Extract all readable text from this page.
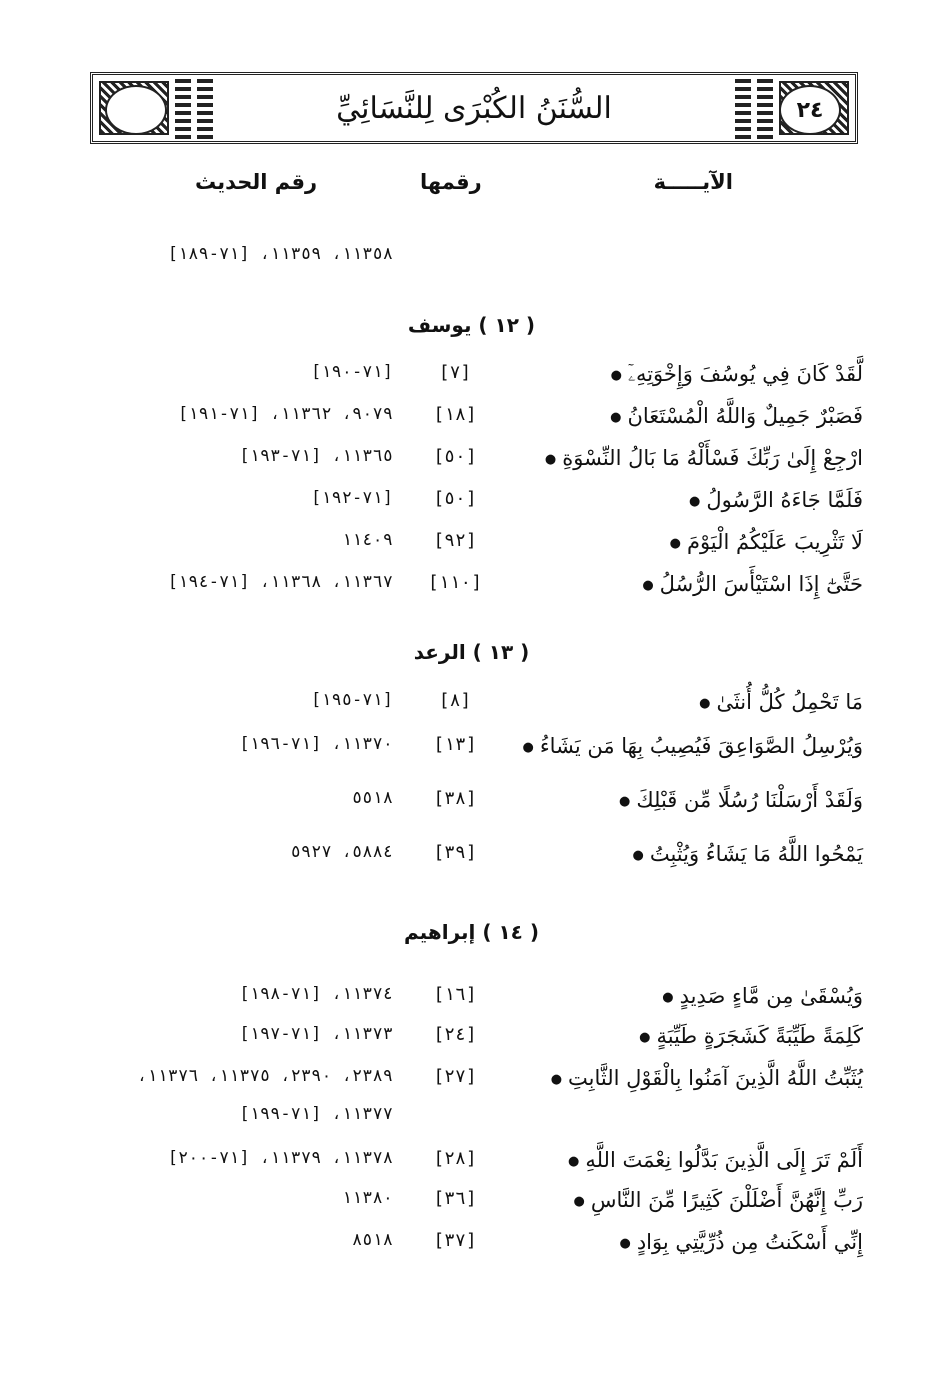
السُّنَنُ الكُبْرَى لِلنَّسَائِيِّ	٢٤
الآيـــــة
رقمها
رقم الحديث
١١٣٥٨، ١١٣٥٩، [٧١-١٨٩]
( ١٢ ) يوسف
لَّقَدْ كَانَ فِي يُوسُفَ وَإِخْوَتِهِۦٓ ●
[٧]
[٧١-١٩٠]
فَصَبْرٌ جَمِيلٌ وَاللَّهُ الْمُسْتَعَانُ ●
[١٨]
٩٠٧٩، ١١٣٦٢، [٧١-١٩١]
ارْجِعْ إِلَىٰ رَبِّكَ فَسْأَلْهُ مَا بَالُ النِّسْوَةِ ●
[٥٠]
١١٣٦٥، [٧١-١٩٣]
فَلَمَّا جَاءَهُ الرَّسُولُ ●
[٥٠]
[٧١-١٩٢]
لَا تَثْرِيبَ عَلَيْكُمُ الْيَوْمَ ●
[٩٢]
١١٤٠٩
حَتَّىٰٓ إِذَا اسْتَيْأَسَ الرُّسُلُ ●
[١١٠]
١١٣٦٧، ١١٣٦٨، [٧١-١٩٤]
( ١٣ ) الرعد
مَا تَحْمِلُ كُلُّ أُنثَىٰ ●
[٨]
[٧١-١٩٥]
وَيُرْسِلُ الصَّوَاعِقَ فَيُصِيبُ بِهَا مَن يَشَاءُ ●
[١٣]
١١٣٧٠، [٧١-١٩٦]
وَلَقَدْ أَرْسَلْنَا رُسُلًا مِّن قَبْلِكَ ●
[٣٨]
٥٥١٨
يَمْحُوا اللَّهُ مَا يَشَاءُ وَيُثْبِتُ ●
[٣٩]
٥٨٨٤، ٥٩٢٧
( ١٤ ) إبراهيم
وَيُسْقَىٰ مِن مَّاءٍ صَدِيدٍ ●
[١٦]
١١٣٧٤، [٧١-١٩٨]
كَلِمَةً طَيِّبَةً كَشَجَرَةٍ طَيِّبَةٍ ●
[٢٤]
١١٣٧٣، [٧١-١٩٧]
يُثَبِّتُ اللَّهُ الَّذِينَ آمَنُوا بِالْقَوْلِ الثَّابِتِ ●
[٢٧]
٢٣٨٩، ٢٣٩٠، ١١٣٧٥، ١١٣٧٦،
١١٣٧٧، [٧١-١٩٩]
أَلَمْ تَرَ إِلَى الَّذِينَ بَدَّلُوا نِعْمَتَ اللَّهِ ●
[٢٨]
١١٣٧٨، ١١٣٧٩، [٧١-٢٠٠]
رَبِّ إِنَّهُنَّ أَضْلَلْنَ كَثِيرًا مِّنَ النَّاسِ ●
[٣٦]
١١٣٨٠
إِنِّي أَسْكَنتُ مِن ذُرِّيَّتِي بِوَادٍ ●
[٣٧]
٨٥١٨
